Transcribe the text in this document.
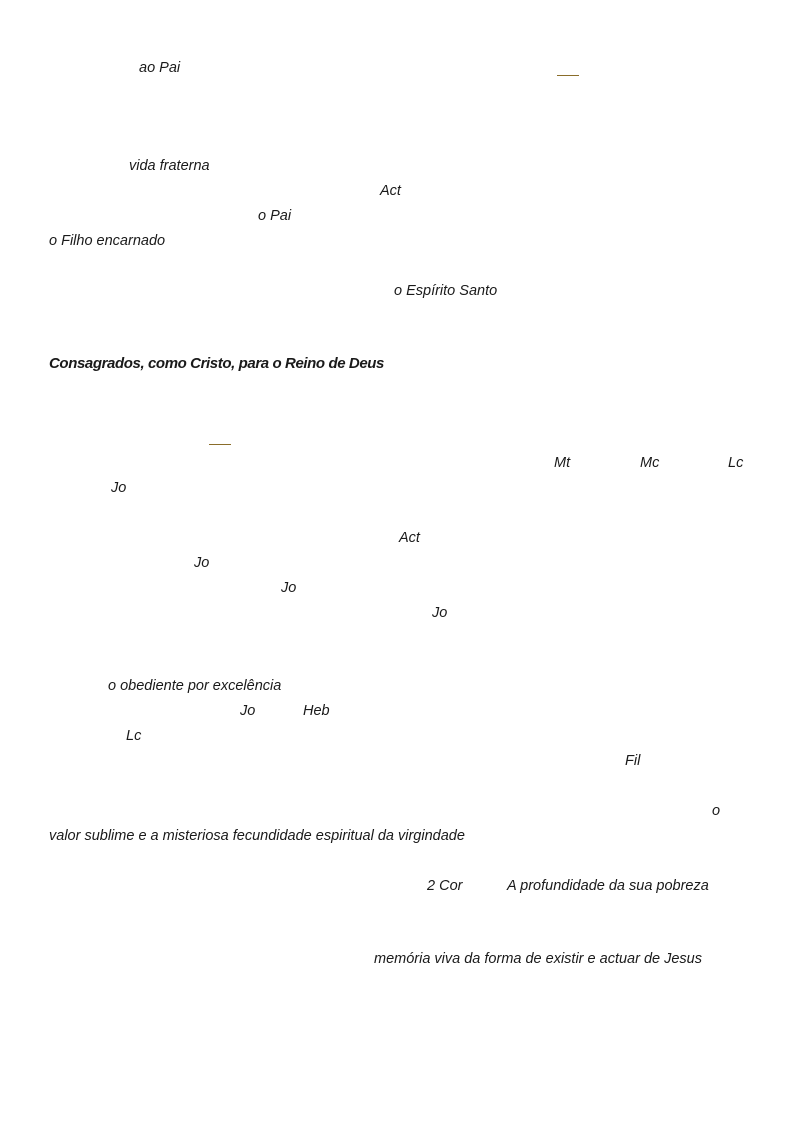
ao Pai
vida fraterna
Act
o Pai
o Filho encarnado
o Espírito Santo
Consagrados, como Cristo, para o Reino de Deus
Mt	Mc	Lc
Jo
Act
Jo
Jo
Jo
o obediente por excelência
Jo	Heb
Lc
Fil
o
valor sublime e a misteriosa fecundidade espiritual da virgindade
2 Cor	A profundidade da sua pobreza
memória viva da forma de existir e actuar de Jesus
